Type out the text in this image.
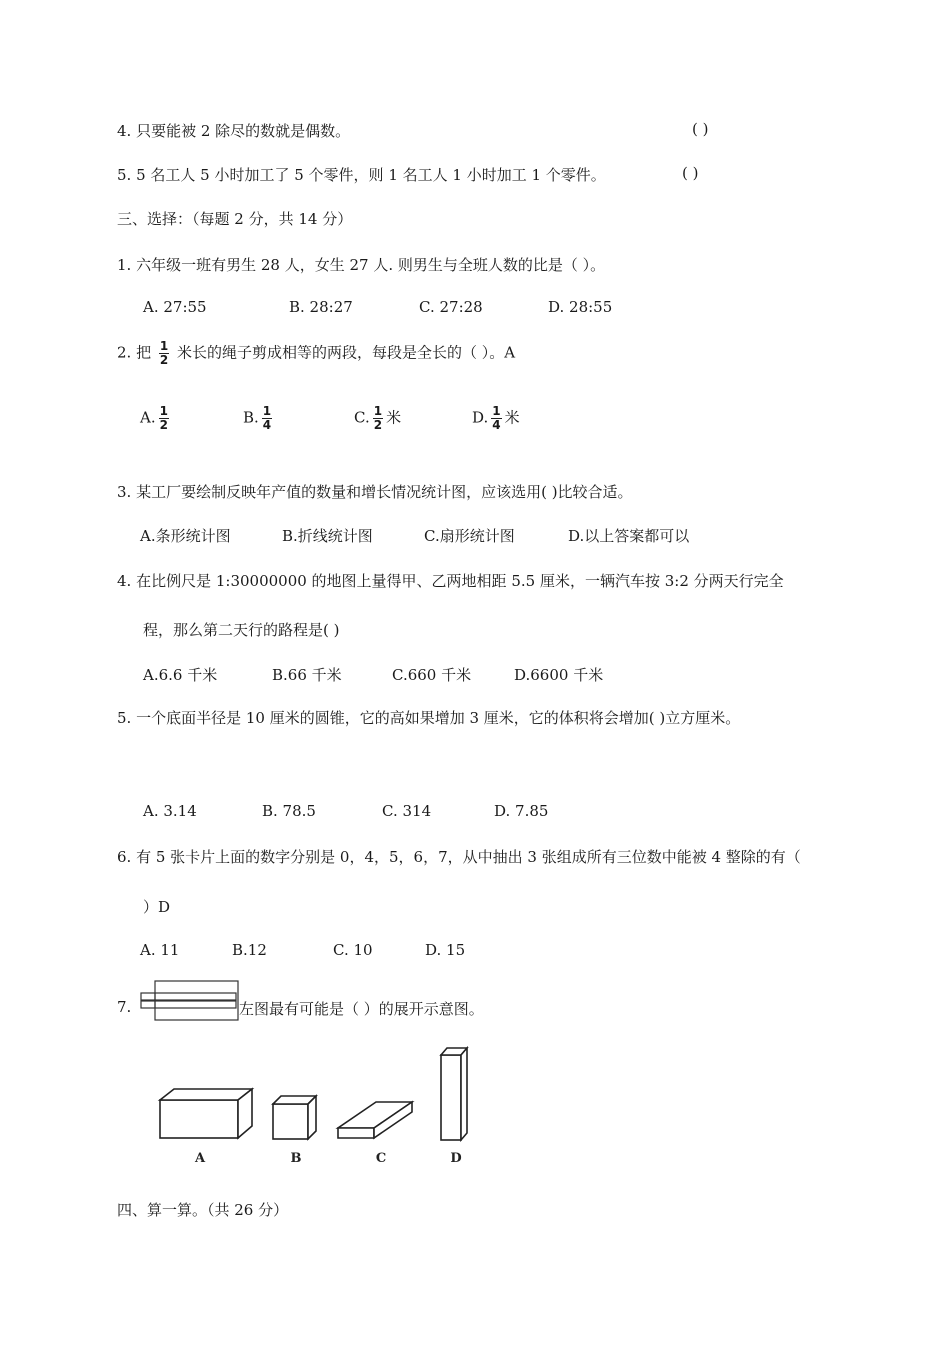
4. 只要能被 2 除尽的数就是偶数。	( )
5. 5 名工人 5 小时加工了 5 个零件，则 1 名工人 1 小时加工 1 个零件。	( )
三、选择：（每题 2 分，共 14 分）
1. 六年级一班有男生 28 人，女生 27 人. 则男生与全班人数的比是（ ）。
A. 27:55	B. 28:27	C. 27:28	D. 28:55
2. 把 $\frac{1}{2}$ 米长的绳子剪成相等的两段，每段是全长的（ ）。A
A. $\frac{1}{2}$	B. $\frac{1}{4}$	C. $\frac{1}{2}$ 米	D. $\frac{1}{4}$ 米
3. 某工厂要绘制反映年产值的数量和增长情况统计图，应该选用( )比较合适。
A.条形统计图	B.折线统计图	C.扇形统计图	D.以上答案都可以
4. 在比例尺是 1:30000000 的地图上量得甲、乙两地相距 5.5 厘米，一辆汽车按 3:2 分两天行完全
程，那么第二天行的路程是( )
A.6.6 千米	B.66 千米	C.660 千米	D.6600 千米
5. 一个底面半径是 10 厘米的圆锥，它的高如果增加 3 厘米，它的体积将会增加( )立方厘米。
A. 3.14	B. 78.5	C. 314	D. 7.85
6. 有 5 张卡片上面的数字分别是 0，4，5，6，7，从中抽出 3 张组成所有三位数中能被 4 整除的有（
）D
A. 11	B.12	C. 10	D. 15
7.	左图最有可能是（ ）的展开示意图。
A	B	C	D
四、算一算。（共 26 分）
